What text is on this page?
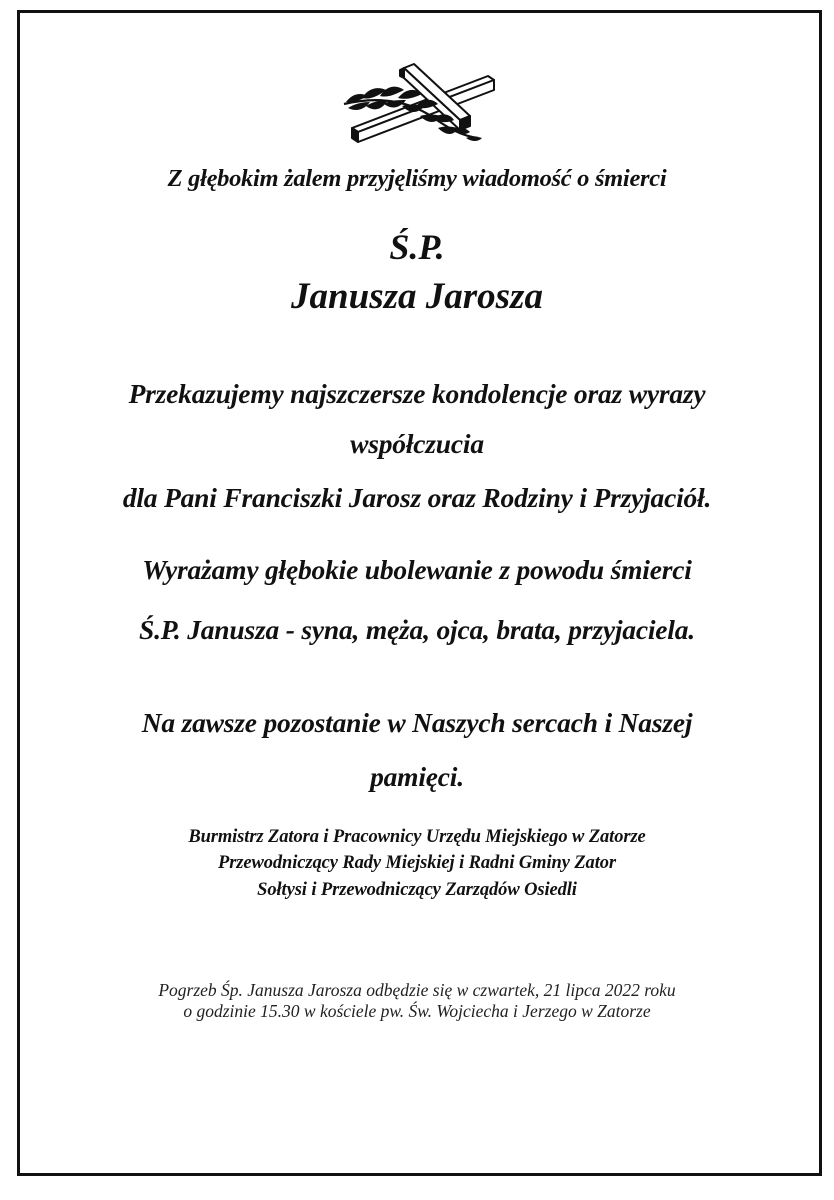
Z głębokim żalem przyjęliśmy wiadomość o śmierci
Ś.P.
Janusza Jarosza
Przekazujemy najszczersze kondolencje oraz wyrazy
współczucia
dla Pani Franciszki Jarosz oraz Rodziny i Przyjaciół.
Wyrażamy głębokie ubolewanie z powodu śmierci
Ś.P. Janusza - syna, męża, ojca, brata, przyjaciela.
Na zawsze pozostanie w Naszych sercach i Naszej
pamięci.
Burmistrz Zatora i Pracownicy Urzędu Miejskiego w Zatorze
Przewodniczący Rady Miejskiej i Radni Gminy Zator
Sołtysi i Przewodniczący Zarządów Osiedli
Pogrzeb Śp. Janusza Jarosza odbędzie się w czwartek, 21 lipca 2022 roku
o godzinie 15.30 w kościele pw. Św. Wojciecha i Jerzego w Zatorze
